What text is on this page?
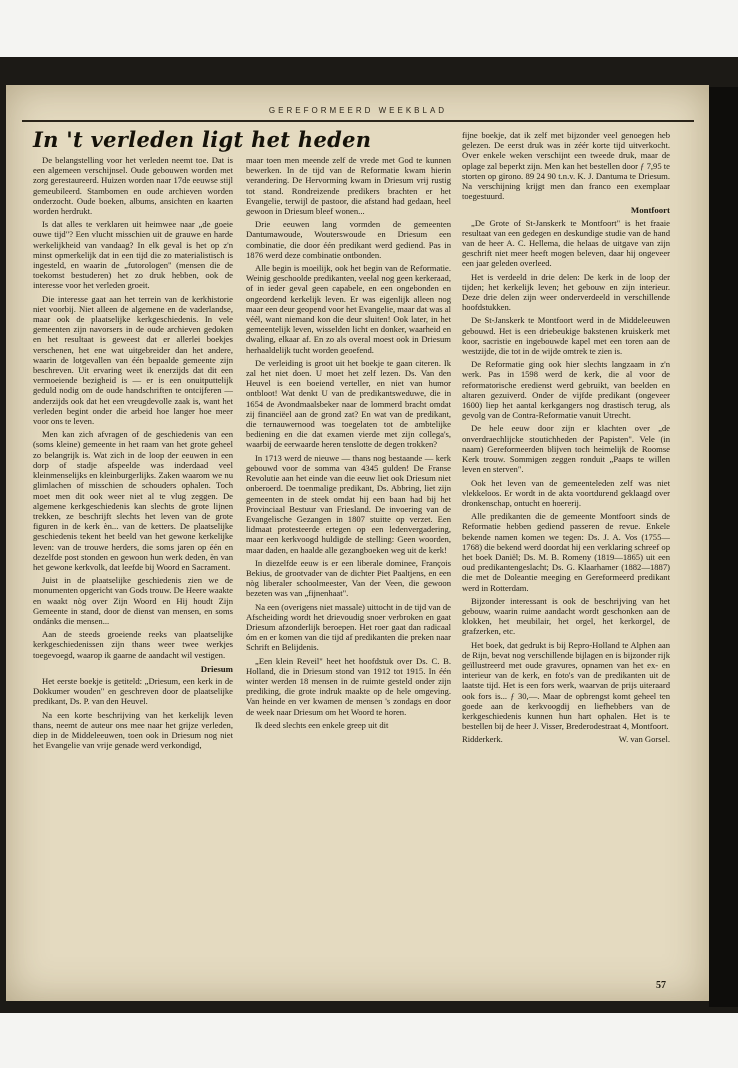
GEREFORMEERD WEEKBLAD
In 't verleden ligt het heden

De belangstelling voor het verleden neemt toe. Dat is een algemeen verschijnsel. Oude gebouwen worden met zorg gerestaureerd. Huizen worden naar 17de eeuwse stijl gemeubileerd. Stambomen en oude archieven worden onderzocht. Oude boeken, albums, ansichten en kaarten worden herdrukt.

Is dat alles te verklaren uit heimwee naar „de goeie ouwe tijd"? Een vlucht misschien uit de grauwe en harde werkelijkheid van vandaag? In elk geval is het op z'n minst opmerkelijk dat in een tijd die zo materialistisch is ingesteld, en waarin de „futorologen" (mensen die de toekomst bestuderen) het zo druk hebben, ook de interesse voor het verleden groeit.

Die interesse gaat aan het terrein van de kerkhistorie niet voorbij. Niet alleen de algemene en de vaderlandse, maar ook de plaatselijke kerkgeschiedenis. In vele gemeenten zijn navorsers in de oude archieven gedoken en het resultaat is geweest dat er allerlei boekjes verschenen, het ene wat uitgebreider dan het andere, waarin de lotgevallen van één bepaalde gemeente zijn beschreven. Uit ervaring weet ik enerzijds dat dit een vermoeiende bezigheid is — er is een onuitputtelijk geduld nodig om de oude handschriften te ontcijferen — anderzijds ook dat het een vreugdevolle zaak is, want het verleden begint onder die arbeid hoe langer hoe meer voor ons te leven.

Men kan zich afvragen of de geschiedenis van een (soms kleine) gemeente in het raam van het grote geheel zo belangrijk is. Wat zich in de loop der eeuwen in een dorp of stadje afspeelde was inderdaad veel kleinmenselijks en kleinburgerlijks. Zaken waarom we nu glimlachen of misschien de schouders ophalen. Toch moet men dit ook weer niet al te vlug zeggen. De algemene kerkgeschiedenis kan slechts de grote lijnen trekken, ze beschrijft slechts het leven van de grote figuren in de kerk èn... van de ketters. De plaatselijke geschiedenis tekent het beeld van het gewone kerkelijke leven: van de trouwe herders, die soms jaren op één en dezelfde post stonden en gewoon hun werk deden, èn van het gewone kerkvolk, dat leefde bij Woord en Sacrament.

Juist in de plaatselijke geschiedenis zien we de monumenten opgericht van Gods trouw. De Heere waakte en waakt nòg over Zijn Woord en Hij houdt Zijn Gemeente in stand, door de dienst van mensen, en soms ondánks die mensen...

Aan de steeds groeiende reeks van plaatselijke kerkgeschiedenissen zijn thans weer twee werkjes toegevoegd, waarop ik gaarne de aandacht wil vestigen.

Driesum

Het eerste boekje is getiteld: „Driesum, een kerk in de Dokkumer wouden" en geschreven door de plaatselijke predikant, Ds. P. van den Heuvel.

Na een korte beschrijving van het kerkelijk leven thans, neemt de auteur ons mee naar het grijze verleden, diep in de Middeleeuwen, toen ook in Driesum nog niet het Evangelie van vrije genade werd verkondigd,

maar toen men meende zelf de vrede met God te kunnen bewerken. In de tijd van de Reformatie kwam hierin verandering. De Hervorming kwam in Driesum vrij rustig tot stand. Rondreizende predikers brachten er het Evangelie, terwijl de pastoor, die afstand had gedaan, heel gewoon in Driesum bleef wonen...

Drie eeuwen lang vormden de gemeenten Dantumawoude, Wouterswoude en Driesum een combinatie, die door één predikant werd gediend. Pas in 1876 werd deze combinatie ontbonden.

Alle begin is moeilijk, ook het begin van de Reformatie. Weinig geschoolde predikanten, veelal nog geen kerkeraad, of in ieder geval geen capabele, en een ongebonden en ongeordend kerkelijk leven. Er was eigenlijk alleen nog maar een deur geopend voor het Evangelie, maar dat was al véél, want niemand kon die deur sluiten! Ook later, in het gemeentelijk leven, wisselden licht en donker, waarheid en dwaling, elkaar af. En zo als overal moest ook in Driesum herhaaldelijk tucht worden geoefend.

De verleiding is groot uit het boekje te gaan citeren. Ik zal het niet doen. U moet het zelf lezen. Ds. Van den Heuvel is een boeiend verteller, en niet van humor ontbloot! Wat denkt U van de predikantsweduwe, die in 1654 de Avondmaalsbeker naar de lommerd bracht omdat zij financiëel aan de grond zat? En wat van de predikant, die ternauwernood was toegelaten tot de ambtelijke bediening en die dat examen vierde met zijn collega's, waarbij de eerwaarde heren tenslotte de degen trokken?

In 1713 werd de nieuwe — thans nog bestaande — kerk gebouwd voor de somma van 4345 gulden! De Franse Revolutie aan het einde van die eeuw liet ook Driesum niet onberoerd. De toenmalige predikant, Ds. Abbring, liet zijn gemeenten in de steek omdat hij een baan had bij het Provinciaal Bestuur van Friesland. De invoering van de Evangelische Gezangen in 1807 stuitte op verzet. Een lidmaat protesteerde ertegen op een ledenvergadering, maar een kerkvoogd huldigde de stelling: Geen woorden, maar daden, en haalde alle gezangboeken weg uit de kerk!

In diezelfde eeuw is er een liberale dominee, François Bekius, de grootvader van de dichter Piet Paaltjens, en een nòg liberaler schoolmeester, Van der Veen, die gewoon bezeten was van „fijnenhaat".

Na een (overigens niet massale) uittocht in de tijd van de Afscheiding wordt het drievoudig snoer verbroken en gaat Driesum afzonderlijk beroepen. Het roer gaat dan radicaal óm en er komen van die tijd af predikanten die preken naar Schrift en Belijdenis.

„Een klein Reveil" heet het hoofdstuk over Ds. C. B. Holland, die in Driesum stond van 1912 tot 1915. In één winter werden 18 mensen in de ruimte gesteld onder zijn prediking, die grote indruk maakte op de hele omgeving. Van heinde en ver kwamen de mensen 's zondags en door de week naar Driesum om het Woord te horen.

Ik deed slechts een enkele greep uit dit

fijne boekje, dat ik zelf met bijzonder veel genoegen heb gelezen. De eerst druk was in zéér korte tijd uitverkocht. Over enkele weken verschijnt een tweede druk, maar de oplage zal beperkt zijn. Men kan het bestellen door ƒ 7,95 te storten op girono. 89 24 90 t.n.v. K. J. Dantuma te Driesum. Na verschijning krijgt men dan franco een exemplaar toegestuurd.

Montfoort

„De Grote of St-Janskerk te Montfoort" is het fraaie resultaat van een gedegen en deskundige studie van de hand van de heer A. C. Hellema, die helaas de uitgave van zijn geschrift niet meer heeft mogen beleven, daar hij ongeveer een jaar geleden overleed.

Het is verdeeld in drie delen: De kerk in de loop der tijden; het kerkelijk leven; het gebouw en zijn interieur. Deze drie delen zijn weer onderverdeeld in verschillende hoofdstukken.

De St-Janskerk te Montfoort werd in de Middeleeuwen gebouwd. Het is een driebeukige bakstenen kruiskerk met koor, sacristie en ingebouwde kapel met een toren aan de westzijde, die tot in de wijde omtrek te zien is.

De Reformatie ging ook hier slechts langzaam in z'n werk. Pas in 1598 werd de kerk, die al voor de reformatorische eredienst werd gebruikt, van beelden en altaren gezuiverd. Onder de vijfde predikant (ongeveer 1600) liep het aantal kerkgangers nog drastisch terug, als gevolg van de Contra-Reformatie vanuit Utrecht.

De hele eeuw door zijn er klachten over „de onverdraechlijcke stoutichheden der Papisten". Vele (in naam) Gereformeerden blijven toch heimelijk de Roomse Kerk trouw. Sommigen zeggen ronduit „Paaps te willen leven en sterven".

Ook het leven van de gemeenteleden zelf was niet vlekkeloos. Er wordt in de akta voortdurend geklaagd over dronkenschap, ontucht en hoererij.

Alle predikanten die de gemeente Montfoort sinds de Reformatie hebben gediend passeren de revue. Enkele bekende namen komen we tegen: Ds. J. A. Vos (1755—1768) die bekend werd doordat hij een verklaring schreef op het boek Daniël; Ds. M. B. Romeny (1819—1865) uit een oud predikantengeslacht; Ds. G. Klaarhamer (1882—1887) die met de Doleantie meeging en Gereformeerd predikant werd in Rotterdam.

Bijzonder interessant is ook de beschrijving van het gebouw, waarin ruime aandacht wordt geschonken aan de klokken, het meubilair, het orgel, het kerkorgel, de grafzerken, etc.

Het boek, dat gedrukt is bij Repro-Holland te Alphen aan de Rijn, bevat nog verschillende bijlagen en is bijzonder rijk geïllustreerd met oude gravures, opnamen van het ex- en interieur van de kerk, en foto's van de predikanten uit de laatste tijd. Het is een fors werk, waarvan de prijs uiteraard ook fors is... ƒ 30,—. Maar de opbrengst komt geheel ten goede aan de kerkvoogdij en liefhebbers van de kerkgeschiedenis kunnen hun hart ophalen. Het is te bestellen bij de heer J. Visser, Brederodestraat 4, Montfoort.

Ridderkerk.	W. van Gorsel.
57
